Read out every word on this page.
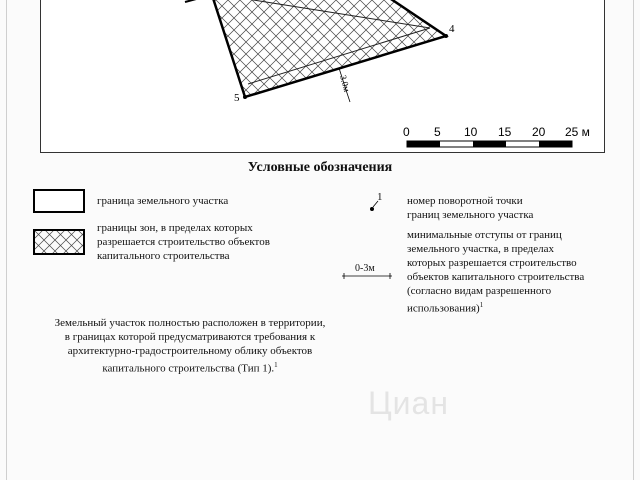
4
5
3.0м
0 5 10 15 20 25 м
Условные обозначения
граница земельного участка
границы зон, в пределах которых
разрешается строительство объектов
капитального строительства
1 номер поворотной точки
границ земельного участка
0-3м
минимальные отступы от границ
земельного участка, в пределах
которых разрешается строительство
объектов капитального строительства
(согласно видам разрешенного
использования)$^1$
Земельный участок полностью расположен в территории,
в границах которой предусматриваются требования к
архитектурно-градостроительному облику объектов
капитального строительства (Тип 1).$^1$
Циан
